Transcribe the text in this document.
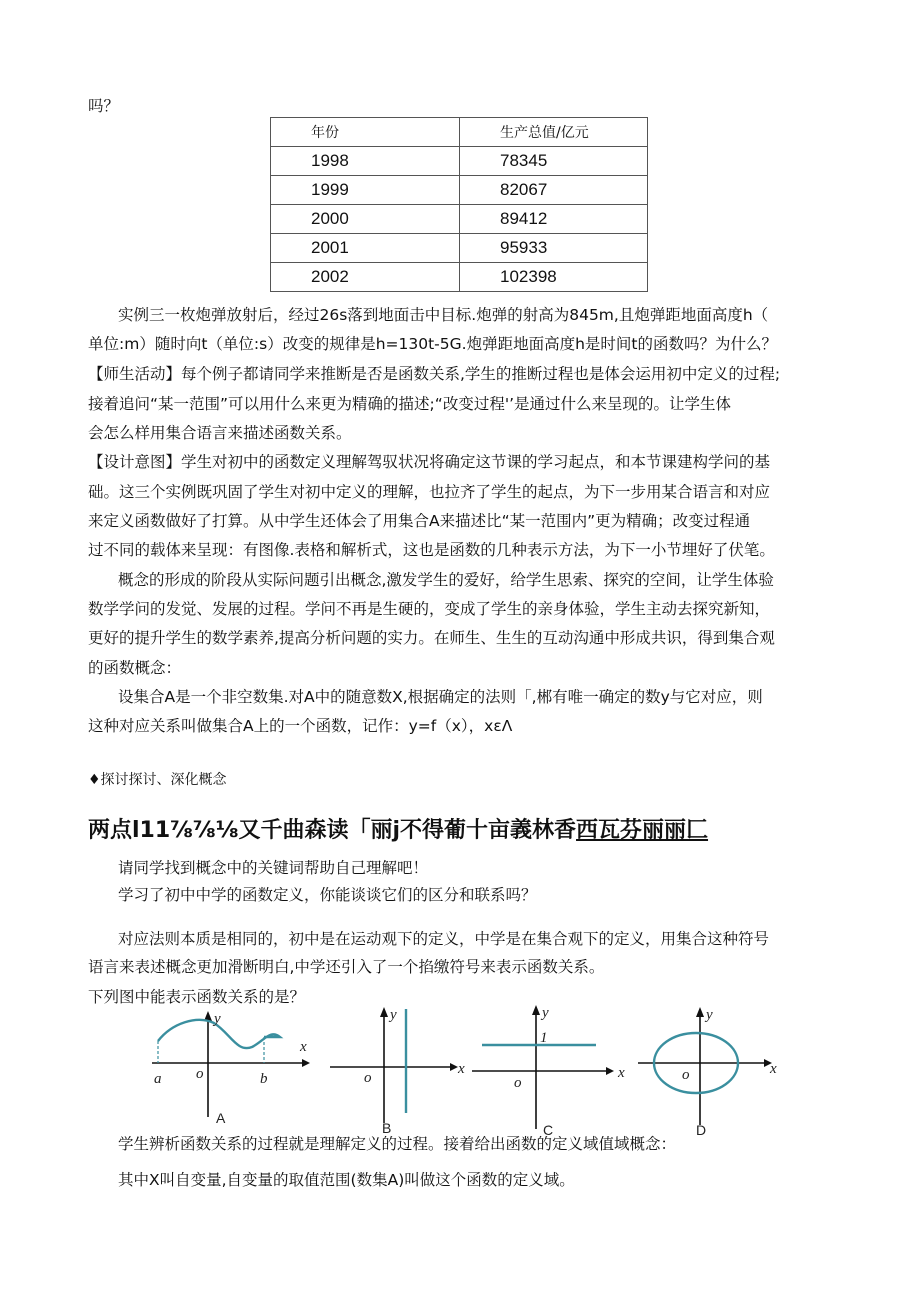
吗？
年份	生产总值/亿元
1998	78345
1999	82067
2000	89412
2001	95933
2002	102398
实例三一枚炮弹放射后，经过26s落到地面击中目标.炮弹的射高为845m,且炮弹距地面高度h（
单位:m）随时向t（单位:s）改变的规律是h=130t-5G.炮弹距地面高度h是时间t的函数吗？为什么？
【师生活动】每个例子都请同学来推断是否是函数关系,学生的推断过程也是体会运用初中定义的过程;
接着追问“某一范围”可以用什么来更为精确的描述;“改变过程'’是通过什么来呈现的。让学生体
会怎么样用集合语言来描述函数关系。
【设计意图】学生对初中的函数定义理解驾驭状况将确定这节课的学习起点，和本节课建构学问的基
础。这三个实例既巩固了学生对初中定义的理解，也拉齐了学生的起点，为下一步用某合语言和对应
来定义函数做好了打算。从中学生还体会了用集合A来描述比“某一范围内”更为精确；改变过程通
过不同的载体来呈现：有图像.表格和解析式，这也是函数的几种表示方法，为下一小节埋好了伏笔。
概念的形成的阶段从实际问题引出概念,激发学生的爱好，给学生思索、探究的空间，让学生体验
数学学问的发觉、发展的过程。学问不再是生硬的，变成了学生的亲身体验，学生主动去探究新知，
更好的提升学生的数学素养,提高分析问题的实力。在师生、生生的互动沟通中形成共识，得到集合观
的函数概念：
设集合A是一个非空数集.对A中的随意数X,根据确定的法则「,郴有唯一确定的数y与它对应，则
这种对应关系叫做集合A上的一个函数，记作：y=f（x），xεΛ
♦探讨探讨、深化概念
两点l11⅞⅞⅛又千曲森读「丽j不得葡十亩義林香西瓦芬丽丽匚
请同学找到概念中的关键词帮助自己理解吧！
学习了初中中学的函数定义，你能谈谈它们的区分和联系吗？
对应法则本质是相同的，初中是在运动观下的定义，中学是在集合观下的定义，用集合这种符号
语言来表述概念更加滑断明白,中学还引入了一个掐缴符号来表示函数关系。
下列图中能表示函数关系的是？
x
y
o
a	b
A
x
y
o
B
x
y
1
o
C
x
y
o
D
学生辨析函数关系的过程就是理解定义的过程。接着给出函数的定义域值域概念：
其中X叫自变量,自变量的取值范围(数集A)叫做这个函数的定义域。
